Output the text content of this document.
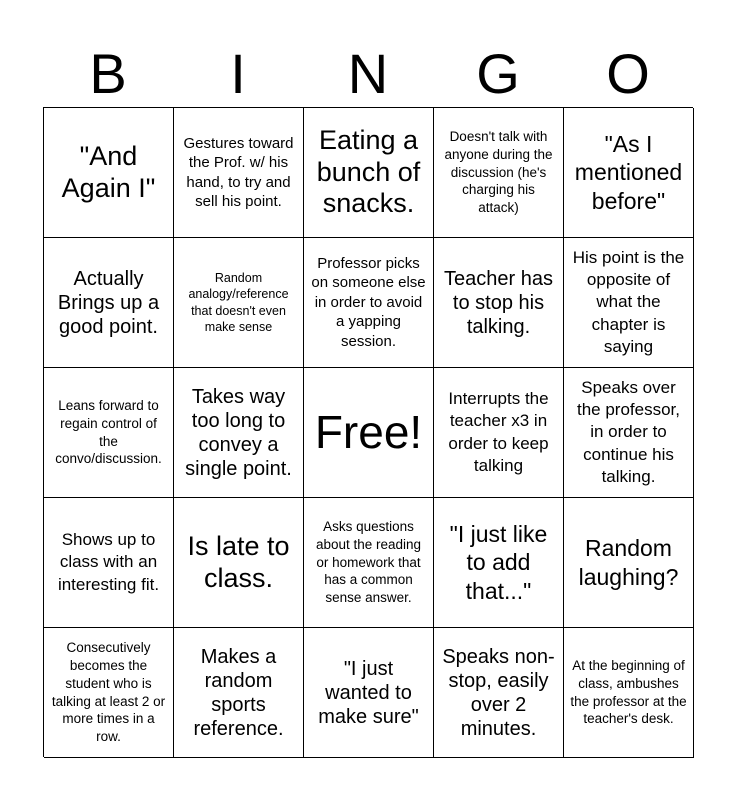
B	I	N	G	O
"And Again I"
Gestures toward the Prof. w/ his hand, to try and sell his point.
Eating a bunch of snacks.
Doesn't talk with anyone during the discussion (he's charging his attack)
"As I mentioned before"
Actually Brings up a good point.
Random analogy/reference that doesn't even make sense
Professor picks on someone else in order to avoid a yapping session.
Teacher has to stop his talking.
His point is the opposite of what the chapter is saying
Leans forward to regain control of the convo/discussion.
Takes way too long to convey a single point.
Free!
Interrupts the teacher x3 in order to keep talking
Speaks over the professor, in order to continue his talking.
Shows up to class with an interesting fit.
Is late to class.
Asks questions about the reading or homework that has a common sense answer.
"I just like to add that..."
Random laughing?
Consecutively becomes the student who is talking at least 2 or more times in a row.
Makes a random sports reference.
"I just wanted to make sure"
Speaks non-stop, easily over 2 minutes.
At the beginning of class, ambushes the professor at the teacher's desk.
